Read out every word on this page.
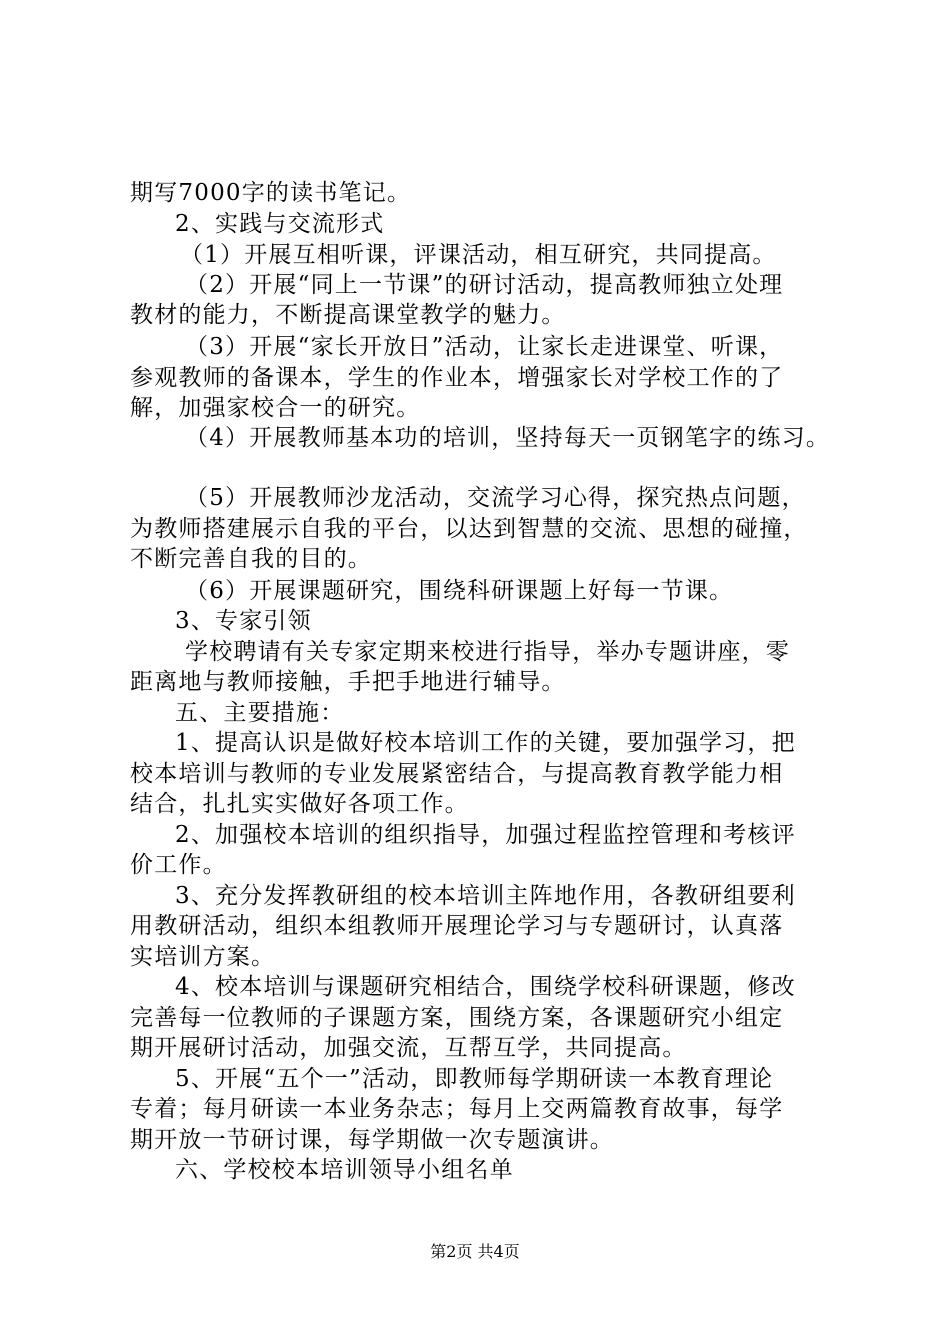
期写7000字的读书笔记。
2、实践与交流形式
（1）开展互相听课，评课活动，相互研究，共同提高。
（2）开展“同上一节课”的研讨活动，提高教师独立处理
教材的能力，不断提高课堂教学的魅力。
（3）开展“家长开放日”活动，让家长走进课堂、听课，
参观教师的备课本，学生的作业本，增强家长对学校工作的了
解，加强家校合一的研究。
（4）开展教师基本功的培训，坚持每天一页钢笔字的练习。
（5）开展教师沙龙活动，交流学习心得，探究热点问题，
为教师搭建展示自我的平台，以达到智慧的交流、思想的碰撞，
不断完善自我的目的。
（6）开展课题研究，围绕科研课题上好每一节课。
3、专家引领
学校聘请有关专家定期来校进行指导，举办专题讲座，零
距离地与教师接触，手把手地进行辅导。
五、主要措施：
1、提高认识是做好校本培训工作的关键，要加强学习，把
校本培训与教师的专业发展紧密结合，与提高教育教学能力相
结合，扎扎实实做好各项工作。
2、加强校本培训的组织指导，加强过程监控管理和考核评
价工作。
3、充分发挥教研组的校本培训主阵地作用，各教研组要利
用教研活动，组织本组教师开展理论学习与专题研讨，认真落
实培训方案。
4、校本培训与课题研究相结合，围绕学校科研课题，修改
完善每一位教师的子课题方案，围绕方案，各课题研究小组定
期开展研讨活动，加强交流，互帮互学，共同提高。
5、开展“五个一”活动，即教师每学期研读一本教育理论
专着；每月研读一本业务杂志；每月上交两篇教育故事，每学
期开放一节研讨课，每学期做一次专题演讲。
六、学校校本培训领导小组名单
第2页 共4页
